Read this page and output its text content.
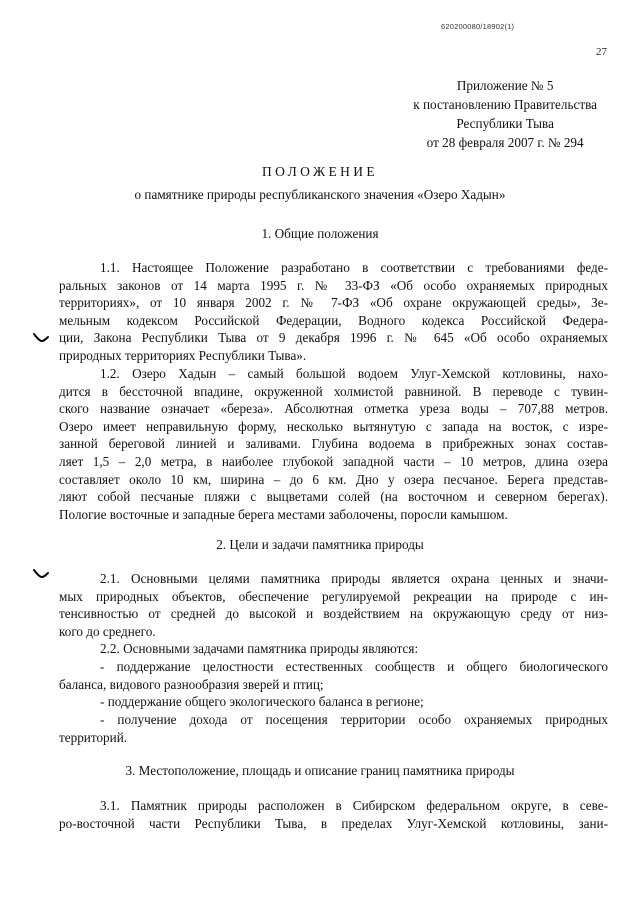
620200080/18902(1)
27
Приложение № 5
к постановлению Правительства
Республики Тыва
от 28 февраля 2007 г. № 294
ПОЛОЖЕНИЕ
о памятнике природы республиканского значения «Озеро Хадын»
1. Общие положения
1.1. Настоящее Положение разработано в соответствии с требованиями феде-
ральных законов от 14 марта 1995 г. № 33-ФЗ «Об особо охраняемых природных
территориях», от 10 января 2002 г. № 7-ФЗ «Об охране окружающей среды», Зе-
мельным кодексом Российской Федерации, Водного кодекса Российской Федера-
ции, Закона Республики Тыва от 9 декабря 1996 г. № 645 «Об особо охраняемых
природных территориях Республики Тыва».
1.2. Озеро Хадын – самый большой водоем Улуг-Хемской котловины, нахо-
дится в бессточной впадине, окруженной холмистой равниной. В переводе с тувин-
ского название означает «береза». Абсолютная отметка уреза воды – 707,88 метров.
Озеро имеет неправильную форму, несколько вытянутую с запада на восток, с изре-
занной береговой линией и заливами. Глубина водоема в прибрежных зонах состав-
ляет 1,5 – 2,0 метра, в наиболее глубокой западной части – 10 метров, длина озера
составляет около 10 км, ширина – до 6 км. Дно у озера песчаное. Берега представ-
ляют собой песчаные пляжи с выцветами солей (на восточном и северном берегах).
Пологие восточные и западные берега местами заболочены, поросли камышом.
2. Цели и задачи памятника природы
2.1. Основными целями памятника природы является охрана ценных и значи-
мых природных объектов, обеспечение регулируемой рекреации на природе с ин-
тенсивностью от средней до высокой и воздействием на окружающую среду от низ-
кого до среднего.
2.2. Основными задачами памятника природы являются:
- поддержание целостности естественных сообществ и общего биологического
баланса, видового разнообразия зверей и птиц;
- поддержание общего экологического баланса в регионе;
- получение дохода от посещения территории особо охраняемых природных
территорий.
3. Местоположение, площадь и описание границ памятника природы
3.1. Памятник природы расположен в Сибирском федеральном округе, в севе-
ро-восточной части Республики Тыва, в пределах Улуг-Хемской котловины, зани-
